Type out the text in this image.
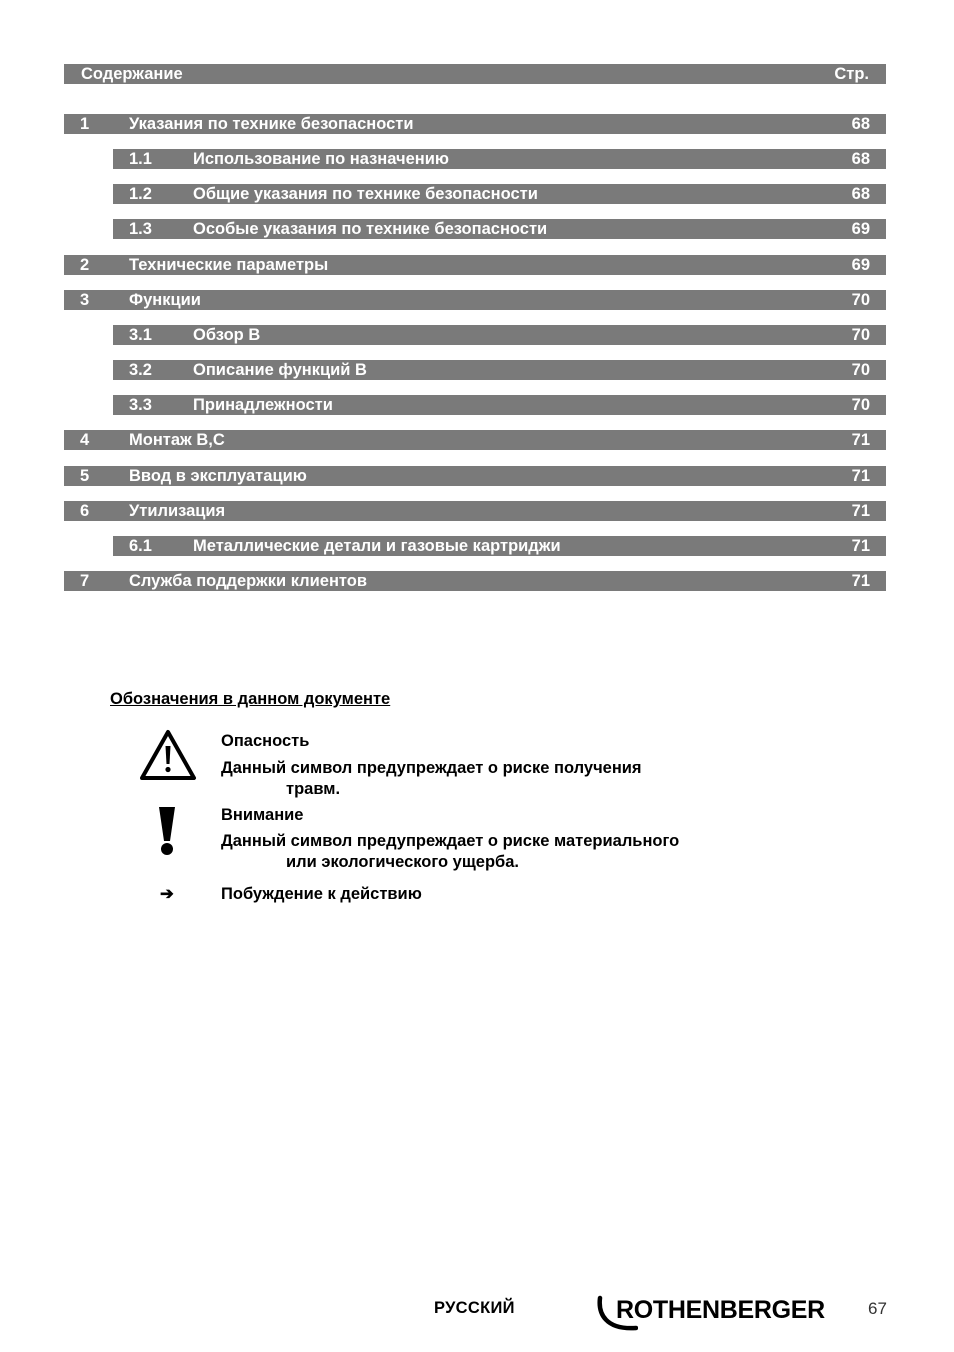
Содержание	Стр.
1 Указания по технике безопасности	68
1.1 Использование по назначению	68
1.2 Общие указания по технике безопасности	68
1.3 Особые указания по технике безопасности	69
2 Технические параметры	69
3 Функции	70
3.1 Обзор B	70
3.2 Описание функций B	70
3.3 Принадлежности	70
4 Монтаж B,C	71
5 Ввод в эксплуатацию	71
6 Утилизация	71
6.1 Металлические детали и газовые картриджи	71
7 Служба поддержки клиентов	71
Обозначения в данном документе
Опасность
Данный символ предупреждает о риске получения
травм.
Внимание
Данный символ предупреждает о риске материального
или экологического ущерба.
➔	Побуждение к действию
РУССКИЙ	ROTHENBERGER	67
